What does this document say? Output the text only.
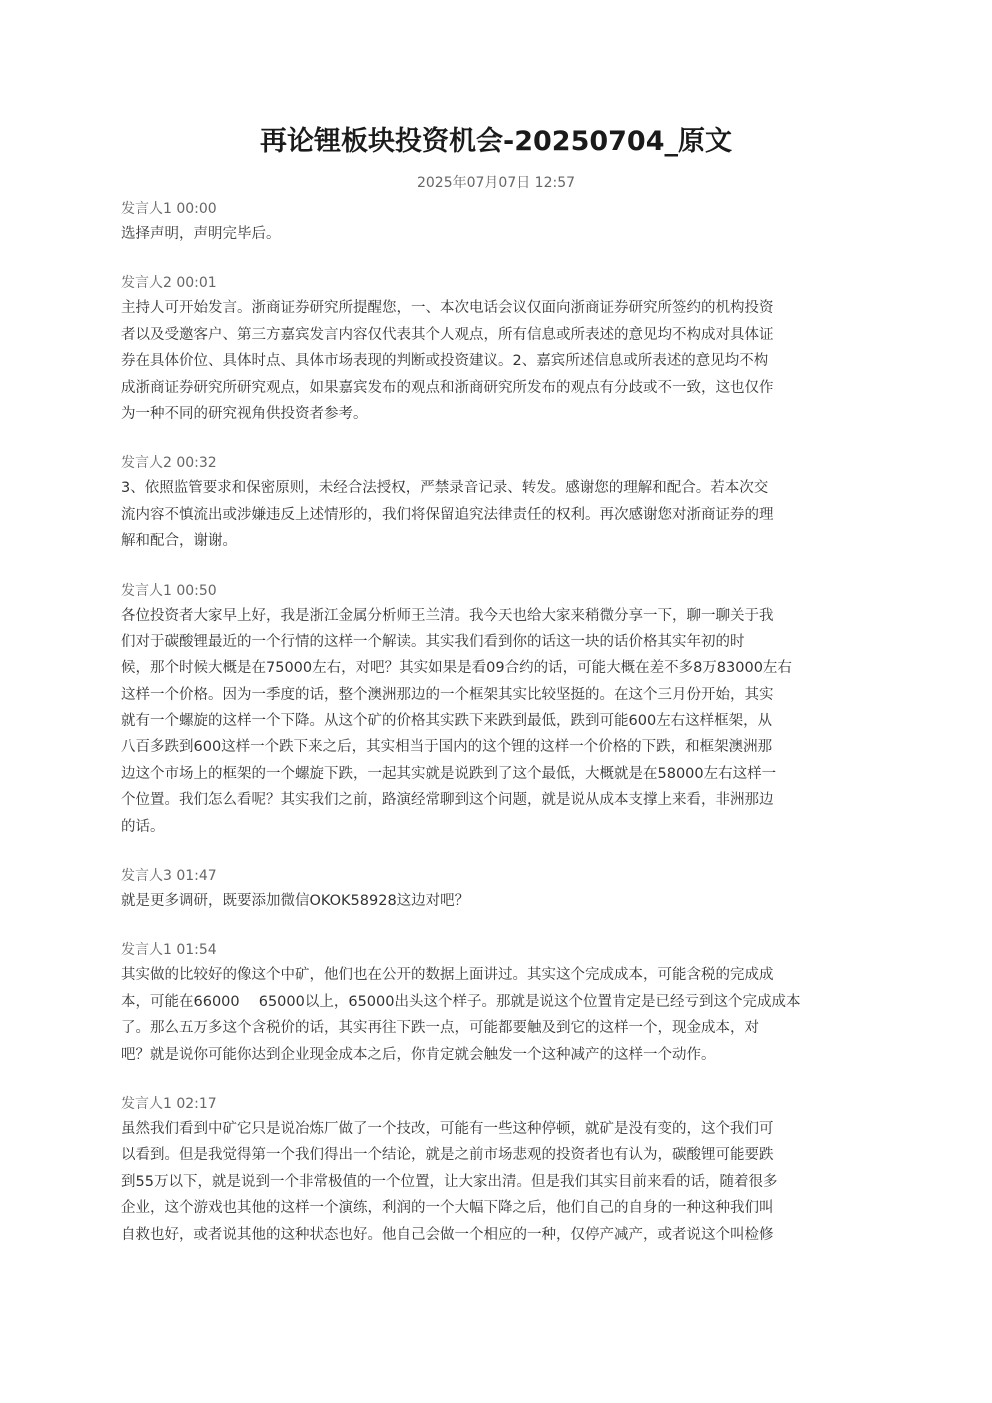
再论锂板块投资机会-20250704_原文
2025年07月07日 12:57
发言人1 00:00
选择声明，声明完毕后。
发言人2 00:01
主持人可开始发言。浙商证券研究所提醒您，一、本次电话会议仅面向浙商证券研究所签约的机构投资
者以及受邀客户、第三方嘉宾发言内容仅代表其个人观点，所有信息或所表述的意见均不构成对具体证
券在具体价位、具体时点、具体市场表现的判断或投资建议。2、嘉宾所述信息或所表述的意见均不构
成浙商证券研究所研究观点，如果嘉宾发布的观点和浙商研究所发布的观点有分歧或不一致，这也仅作
为一种不同的研究视角供投资者参考。
发言人2 00:32
3、依照监管要求和保密原则，未经合法授权，严禁录音记录、转发。感谢您的理解和配合。若本次交
流内容不慎流出或涉嫌违反上述情形的，我们将保留追究法律责任的权利。再次感谢您对浙商证券的理
解和配合，谢谢。
发言人1 00:50
各位投资者大家早上好，我是浙江金属分析师王兰清。我今天也给大家来稍微分享一下，聊一聊关于我
们对于碳酸锂最近的一个行情的这样一个解读。其实我们看到你的话这一块的话价格其实年初的时
候，那个时候大概是在75000左右，对吧？其实如果是看09合约的话，可能大概在差不多8万83000左右
这样一个价格。因为一季度的话，整个澳洲那边的一个框架其实比较坚挺的。在这个三月份开始，其实
就有一个螺旋的这样一个下降。从这个矿的价格其实跌下来跌到最低，跌到可能600左右这样框架，从
八百多跌到600这样一个跌下来之后，其实相当于国内的这个锂的这样一个价格的下跌，和框架澳洲那
边这个市场上的框架的一个螺旋下跌，一起其实就是说跌到了这个最低，大概就是在58000左右这样一
个位置。我们怎么看呢？其实我们之前，路演经常聊到这个问题，就是说从成本支撑上来看，非洲那边
的话。
发言人3 01:47
就是更多调研，既要添加微信OKOK58928这边对吧？
发言人1 01:54
其实做的比较好的像这个中矿，他们也在公开的数据上面讲过。其实这个完成成本，可能含税的完成成
本，可能在66000　 65000以上，65000出头这个样子。那就是说这个位置肯定是已经亏到这个完成成本
了。那么五万多这个含税价的话，其实再往下跌一点，可能都要触及到它的这样一个，现金成本，对
吧？就是说你可能你达到企业现金成本之后，你肯定就会触发一个这种减产的这样一个动作。
发言人1 02:17
虽然我们看到中矿它只是说冶炼厂做了一个技改，可能有一些这种停顿，就矿是没有变的，这个我们可
以看到。但是我觉得第一个我们得出一个结论，就是之前市场悲观的投资者也有认为，碳酸锂可能要跌
到55万以下，就是说到一个非常极值的一个位置，让大家出清。但是我们其实目前来看的话，随着很多
企业，这个游戏也其他的这样一个演练，利润的一个大幅下降之后，他们自己的自身的一种这种我们叫
自救也好，或者说其他的这种状态也好。他自己会做一个相应的一种，仅停产减产，或者说这个叫检修
